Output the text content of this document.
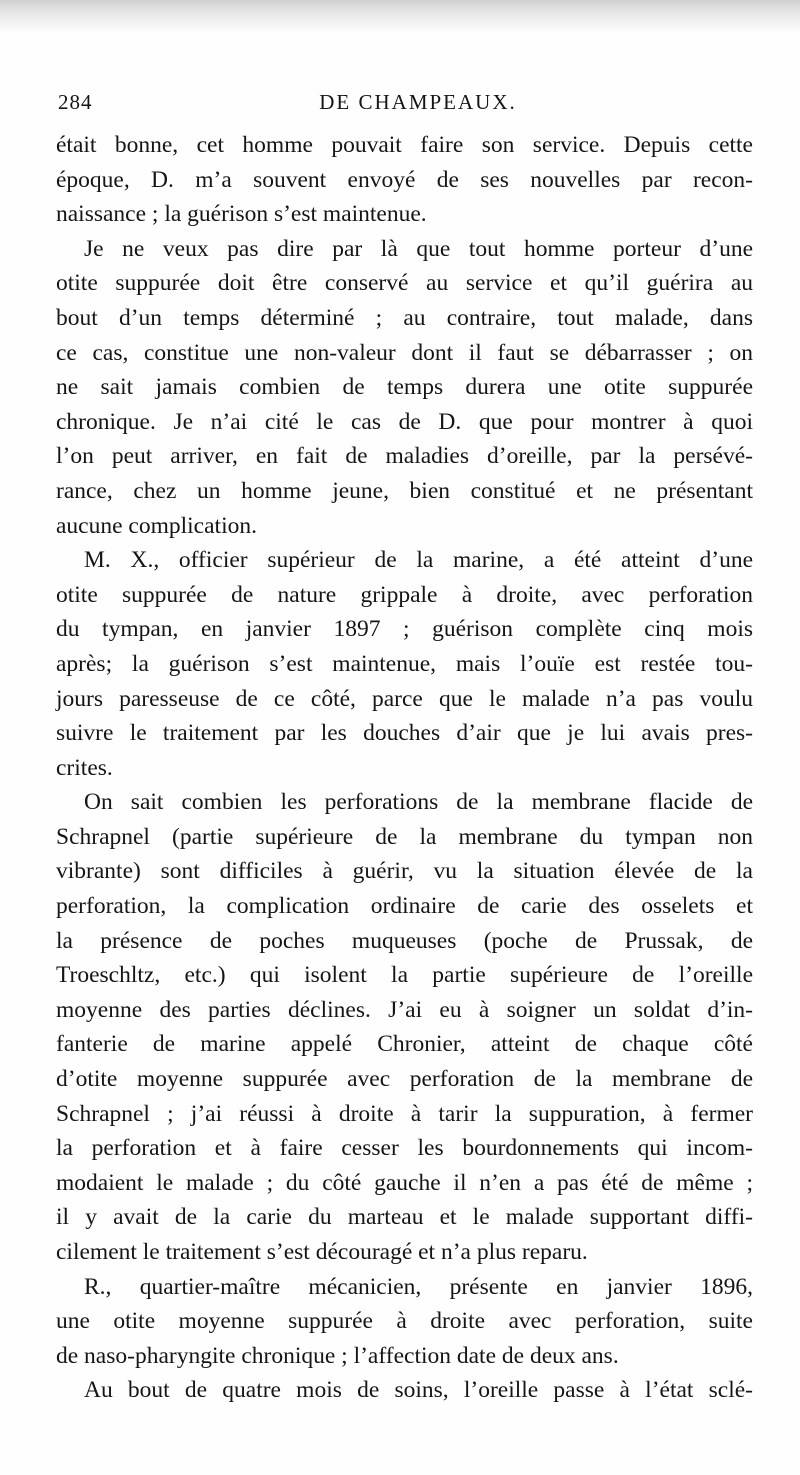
284	DE CHAMPEAUX.
était bonne, cet homme pouvait faire son service. Depuis cette
époque, D. m’a souvent envoyé de ses nouvelles par recon-
naissance ; la guérison s’est maintenue.
Je ne veux pas dire par là que tout homme porteur d’une
otite suppurée doit être conservé au service et qu’il guérira au
bout d’un temps déterminé ; au contraire, tout malade, dans
ce cas, constitue une non-valeur dont il faut se débarrasser ; on
ne sait jamais combien de temps durera une otite suppurée
chronique. Je n’ai cité le cas de D. que pour montrer à quoi
l’on peut arriver, en fait de maladies d’oreille, par la persévé-
rance, chez un homme jeune, bien constitué et ne présentant
aucune complication.
M. X., officier supérieur de la marine, a été atteint d’une
otite suppurée de nature grippale à droite, avec perforation
du tympan, en janvier 1897 ; guérison complète cinq mois
après; la guérison s’est maintenue, mais l’ouïe est restée tou-
jours paresseuse de ce côté, parce que le malade n’a pas voulu
suivre le traitement par les douches d’air que je lui avais pres-
crites.
On sait combien les perforations de la membrane flacide de
Schrapnel (partie supérieure de la membrane du tympan non
vibrante) sont difficiles à guérir, vu la situation élevée de la
perforation, la complication ordinaire de carie des osselets et
la présence de poches muqueuses (poche de Prussak, de
Troeschltz, etc.) qui isolent la partie supérieure de l’oreille
moyenne des parties déclines. J’ai eu à soigner un soldat d’in-
fanterie de marine appelé Chronier, atteint de chaque côté
d’otite moyenne suppurée avec perforation de la membrane de
Schrapnel ; j’ai réussi à droite à tarir la suppuration, à fermer
la perforation et à faire cesser les bourdonnements qui incom-
modaient le malade ; du côté gauche il n’en a pas été de même ;
il y avait de la carie du marteau et le malade supportant diffi-
cilement le traitement s’est découragé et n’a plus reparu.
R., quartier-maître mécanicien, présente en janvier 1896,
une otite moyenne suppurée à droite avec perforation, suite
de naso-pharyngite chronique ; l’affection date de deux ans.
Au bout de quatre mois de soins, l’oreille passe à l’état sclé-
